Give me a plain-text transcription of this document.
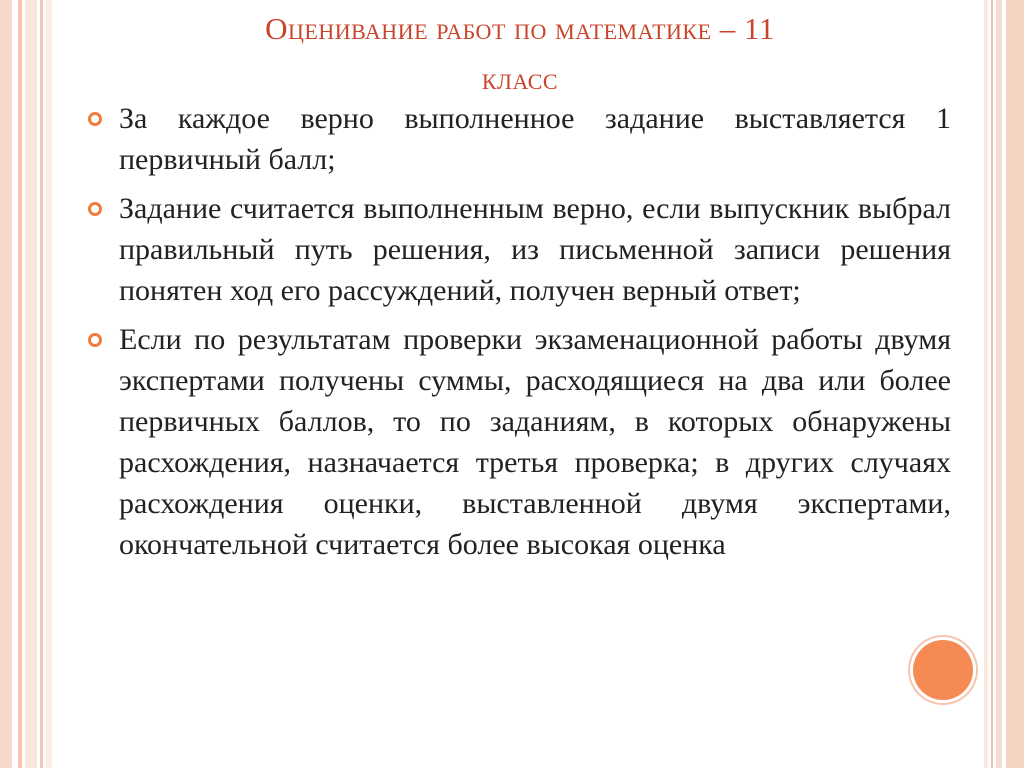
Оценивание работ по математике – 11
класс
За каждое верно выполненное задание выставляется 1 первичный балл;
Задание считается выполненным верно, если выпускник выбрал правильный путь решения, из письменной записи решения понятен ход его рассуждений, получен верный ответ;
Если по результатам проверки экзаменационной работы двумя экспертами получены суммы, расходящиеся на два или более первичных баллов, то по заданиям, в которых обнаружены расхождения, назначается третья проверка; в других случаях расхождения оценки, выставленной двумя экспертами, окончательной считается более высокая оценка
